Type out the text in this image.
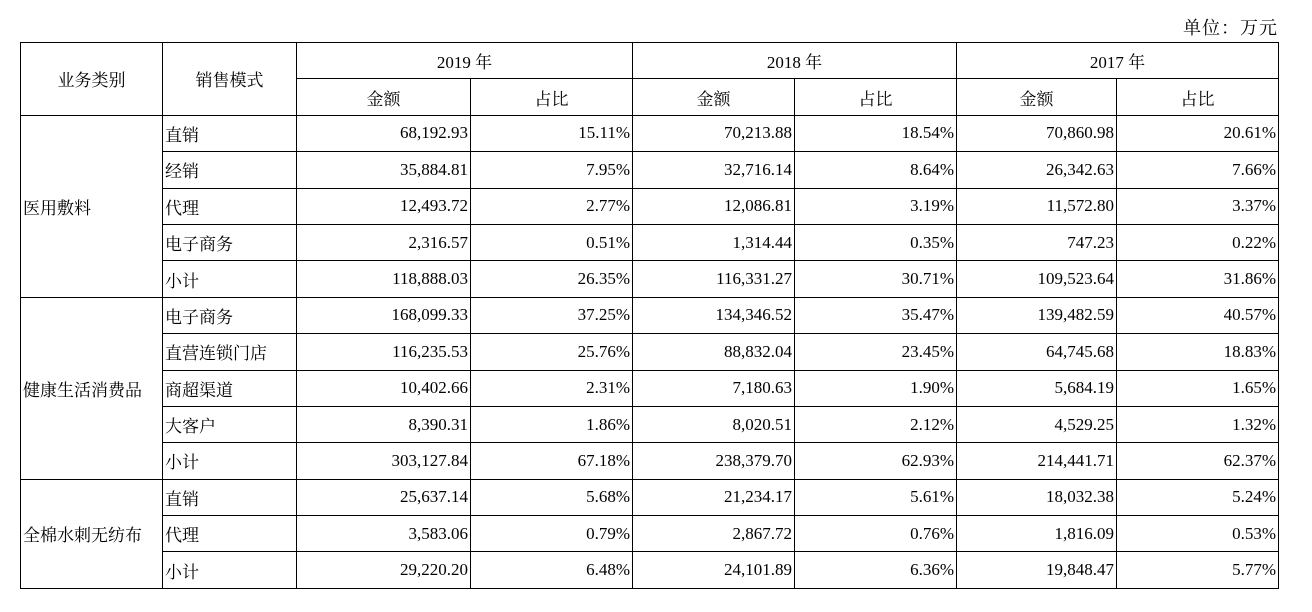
单位：万元
业务类别	销售模式	2019 年		2018 年		2017 年	
		金额	占比	金额	占比	金额	占比
医用敷料	直销	68,192.93	15.11%	70,213.88	18.54%	70,860.98	20.61%
	经销	35,884.81	7.95%	32,716.14	8.64%	26,342.63	7.66%
	代理	12,493.72	2.77%	12,086.81	3.19%	11,572.80	3.37%
	电子商务	2,316.57	0.51%	1,314.44	0.35%	747.23	0.22%
	小计	118,888.03	26.35%	116,331.27	30.71%	109,523.64	31.86%
健康生活消费品	电子商务	168,099.33	37.25%	134,346.52	35.47%	139,482.59	40.57%
	直营连锁门店	116,235.53	25.76%	88,832.04	23.45%	64,745.68	18.83%
	商超渠道	10,402.66	2.31%	7,180.63	1.90%	5,684.19	1.65%
	大客户	8,390.31	1.86%	8,020.51	2.12%	4,529.25	1.32%
	小计	303,127.84	67.18%	238,379.70	62.93%	214,441.71	62.37%
全棉水刺无纺布	直销	25,637.14	5.68%	21,234.17	5.61%	18,032.38	5.24%
	代理	3,583.06	0.79%	2,867.72	0.76%	1,816.09	0.53%
	小计	29,220.20	6.48%	24,101.89	6.36%	19,848.47	5.77%
